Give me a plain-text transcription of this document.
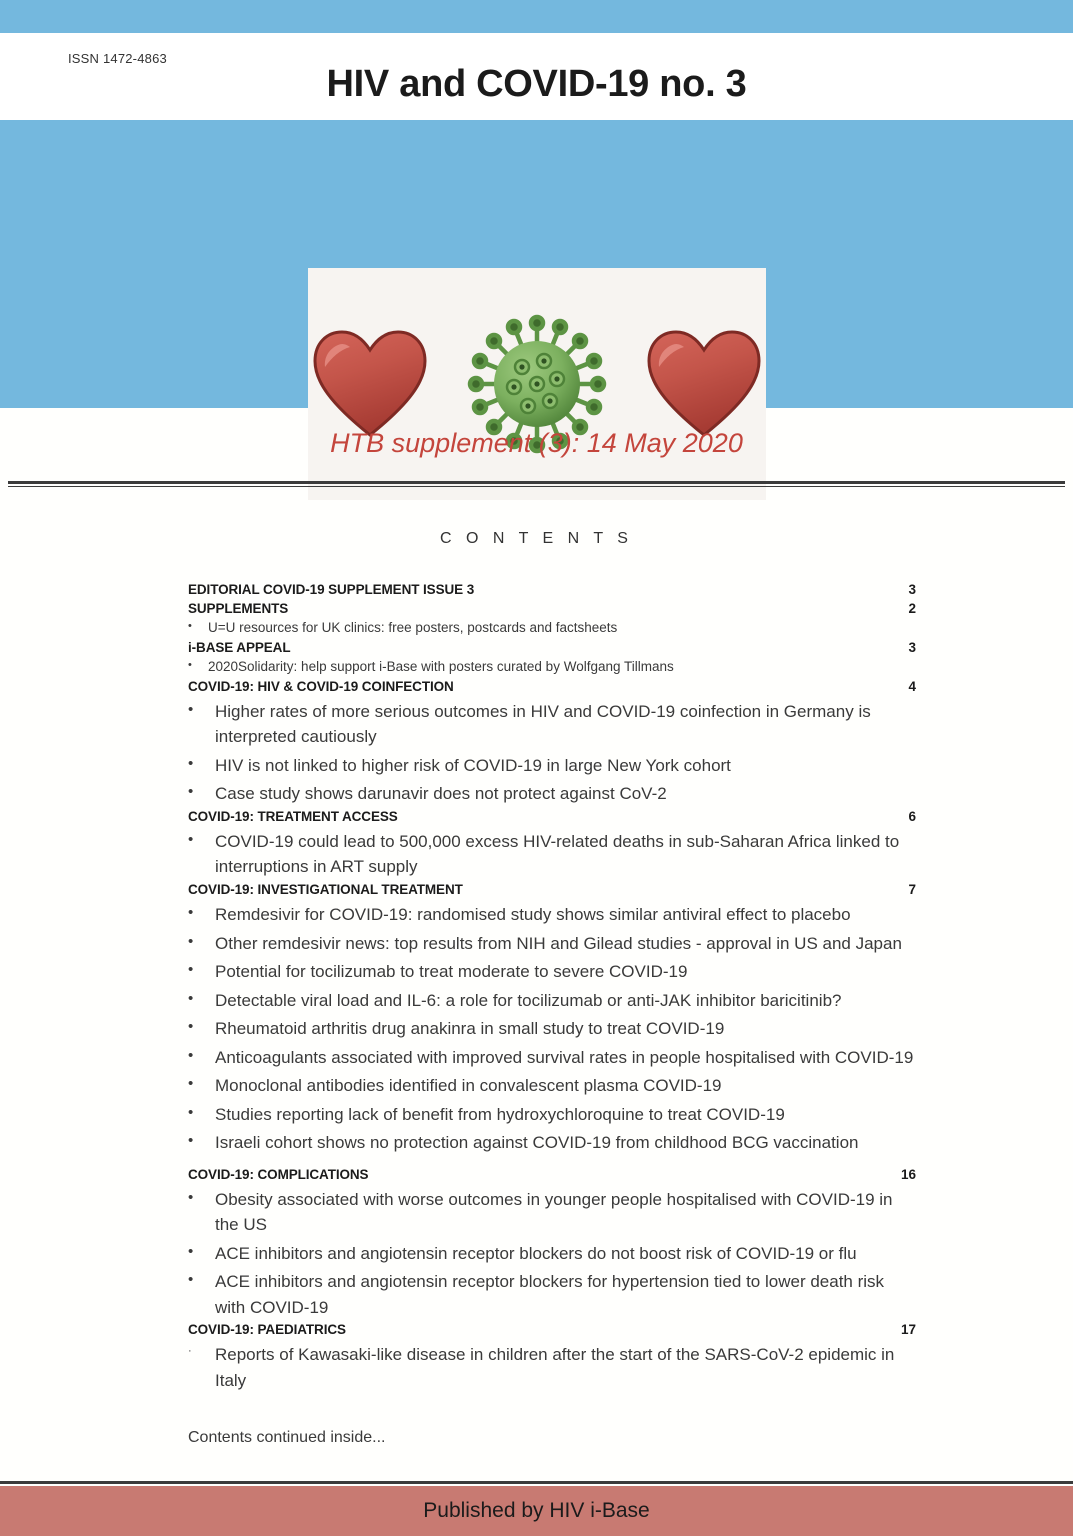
ISSN 1472-4863
HIV and COVID-19 no. 3
HTB supplement (3): 14 May 2020
C O N T E N T S
EDITORIAL COVID-19 SUPPLEMENT ISSUE 3	3
SUPPLEMENTS	2
•	U=U resources for UK clinics: free posters, postcards and factsheets
i-BASE APPEAL	3
•	2020Solidarity: help support i-Base with posters curated by Wolfgang Tillmans
COVID-19: HIV & COVID-19 COINFECTION	4
•	Higher rates of more serious outcomes in HIV and COVID-19 coinfection in Germany is interpreted cautiously
•	HIV is not linked to higher risk of COVID-19 in large New York cohort
•	Case study shows darunavir does not protect against CoV-2
COVID-19: TREATMENT ACCESS	6
•	COVID-19 could lead to 500,000 excess HIV-related deaths in sub-Saharan Africa linked to interruptions in ART supply
COVID-19: INVESTIGATIONAL TREATMENT	7
•	Remdesivir for COVID-19: randomised study shows similar antiviral effect to placebo
•	Other remdesivir news: top results from NIH and Gilead studies - approval in US and Japan
•	Potential for tocilizumab to treat moderate to severe COVID-19
•	Detectable viral load and IL-6: a role for tocilizumab or anti-JAK inhibitor baricitinib?
•	Rheumatoid arthritis drug anakinra in small study to treat COVID-19
•	Anticoagulants associated with improved survival rates in people hospitalised with COVID-19
•	Monoclonal antibodies identified in convalescent plasma COVID-19
•	Studies reporting lack of benefit from hydroxychloroquine to treat COVID-19
•	Israeli cohort shows no protection against COVID-19 from childhood BCG vaccination
COVID-19: COMPLICATIONS	16
•	Obesity associated with worse outcomes in younger people hospitalised with COVID-19 in the US
•	ACE inhibitors and angiotensin receptor blockers do not boost risk of COVID-19 or flu
•	ACE inhibitors and angiotensin receptor blockers for hypertension tied to lower death risk with COVID-19
COVID-19: PAEDIATRICS	17
·	Reports of Kawasaki-like disease in children after the start of the SARS-CoV-2 epidemic in Italy
Contents continued inside...
Published by HIV i-Base
